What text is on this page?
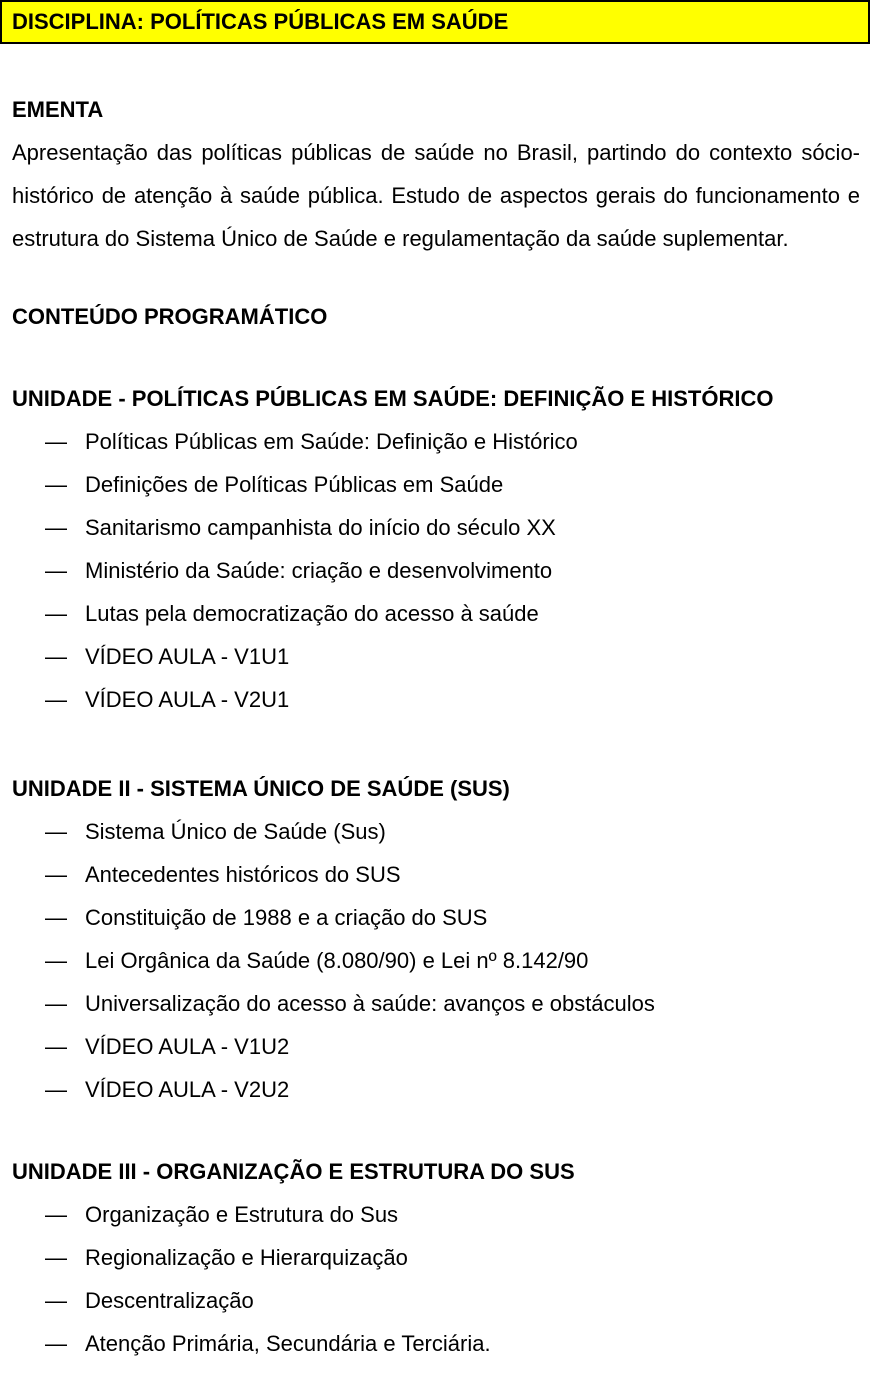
DISCIPLINA: POLÍTICAS PÚBLICAS EM SAÚDE
EMENTA
Apresentação das políticas públicas de saúde no Brasil, partindo do contexto sócio-histórico de atenção à saúde pública. Estudo de aspectos gerais do funcionamento e estrutura do Sistema Único de Saúde e regulamentação da saúde suplementar.
CONTEÚDO PROGRAMÁTICO
UNIDADE - POLÍTICAS PÚBLICAS EM SAÚDE: DEFINIÇÃO E HISTÓRICO
— Políticas Públicas em Saúde: Definição e Histórico
— Definições de Políticas Públicas em Saúde
— Sanitarismo campanhista do início do século XX
— Ministério da Saúde: criação e desenvolvimento
— Lutas pela democratização do acesso à saúde
— VÍDEO AULA - V1U1
— VÍDEO AULA - V2U1
UNIDADE II - SISTEMA ÚNICO DE SAÚDE (SUS)
— Sistema Único de Saúde (Sus)
— Antecedentes históricos do SUS
— Constituição de 1988 e a criação do SUS
— Lei Orgânica da Saúde (8.080/90) e Lei nº 8.142/90
— Universalização do acesso à saúde: avanços e obstáculos
— VÍDEO AULA - V1U2
— VÍDEO AULA - V2U2
UNIDADE III - ORGANIZAÇÃO E ESTRUTURA DO SUS
— Organização e Estrutura do Sus
— Regionalização e Hierarquização
— Descentralização
— Atenção Primária, Secundária e Terciária.
